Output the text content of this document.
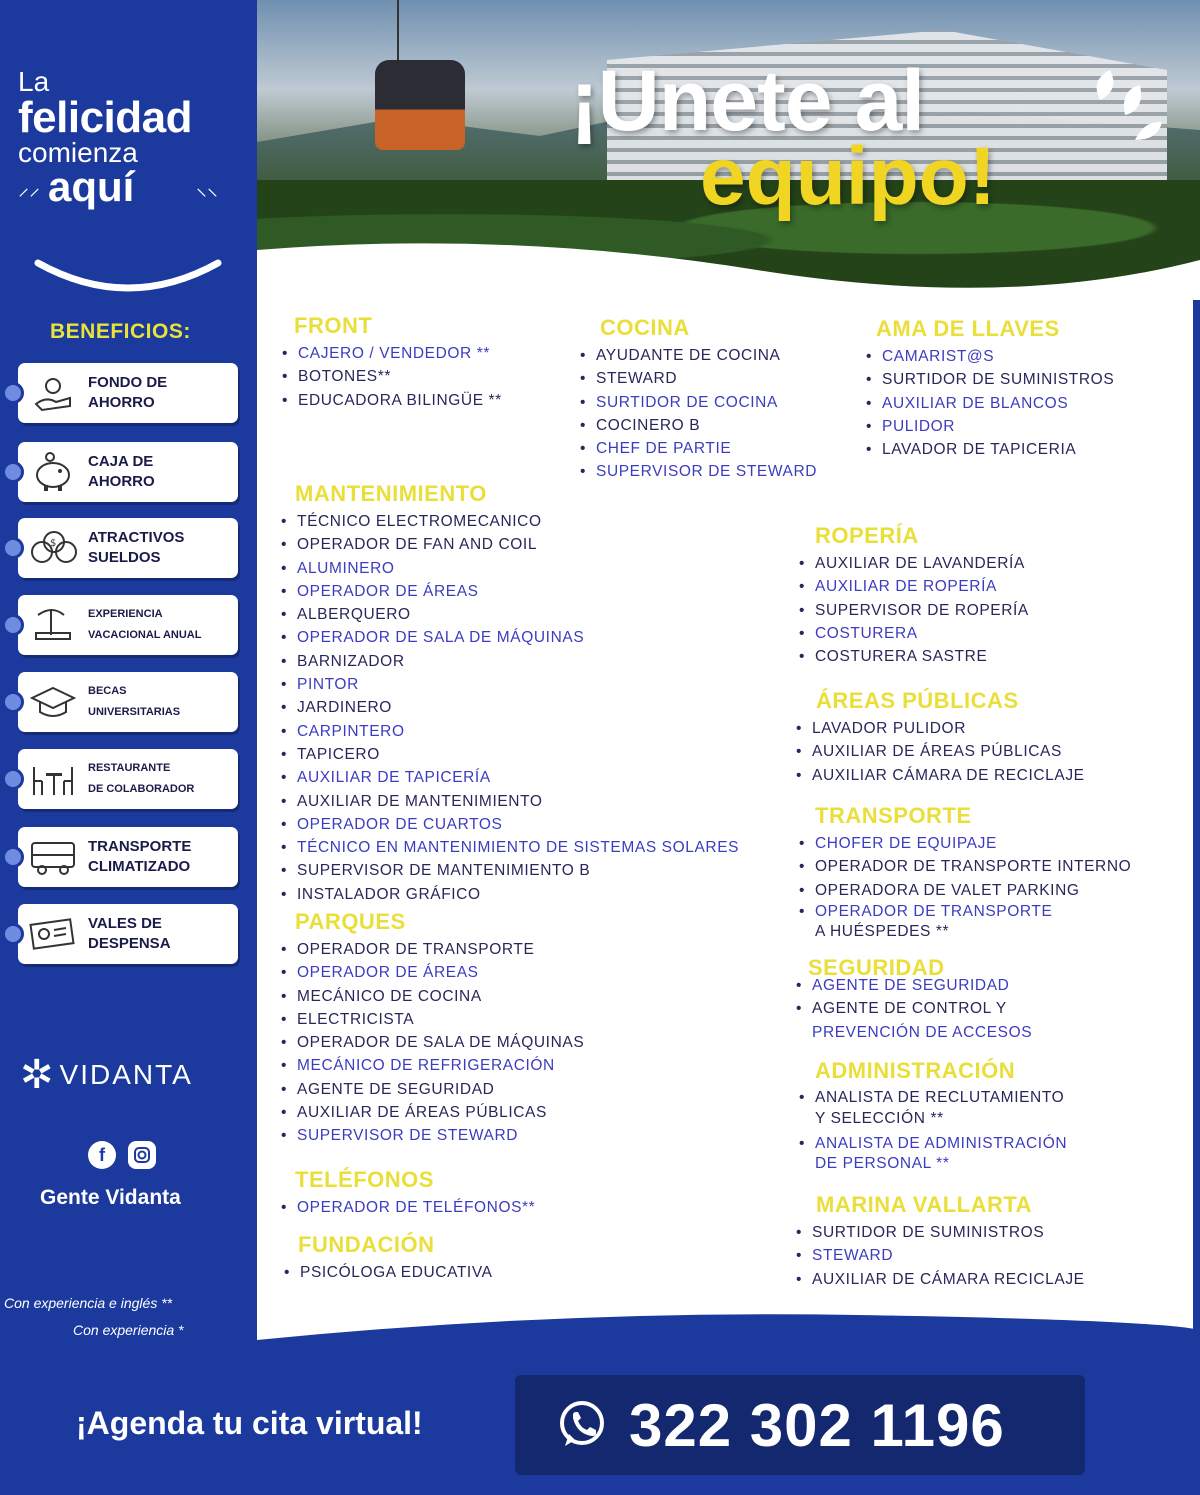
La
felicidad
comienza
⸝⸝ aquí	⸜⸜
BENEFICIOS:
FONDO DE
AHORRO
CAJA DE
AHORRO
$ ATRACTIVOS
SUELDOS
EXPERIENCIA
VACACIONAL ANUAL
BECAS
UNIVERSITARIAS
RESTAURANTE
DE COLABORADOR
TRANSPORTE
CLIMATIZADO
VALES DE
DESPENSA
✲ VIDANTA
f
Gente Vidanta
Con experiencia e inglés **
Con experiencia *
¡Unete al
equipo!
FRONT
• CAJERO / VENDEDOR **
• BOTONES**
• EDUCADORA BILINGÜE **
COCINA
• AYUDANTE DE COCINA
• STEWARD
• SURTIDOR DE COCINA
• COCINERO B
• CHEF DE PARTIE
• SUPERVISOR DE STEWARD
AMA DE LLAVES
• CAMARIST@S
• SURTIDOR DE SUMINISTROS
• AUXILIAR DE BLANCOS
• PULIDOR
• LAVADOR DE TAPICERIA
MANTENIMIENTO
• TÉCNICO ELECTROMECANICO
• OPERADOR DE FAN AND COIL
• ALUMINERO
• OPERADOR DE ÁREAS
• ALBERQUERO
• OPERADOR DE SALA DE MÁQUINAS
• BARNIZADOR
• PINTOR
• JARDINERO
• CARPINTERO
• TAPICERO
• AUXILIAR DE TAPICERÍA
• AUXILIAR DE MANTENIMIENTO
• OPERADOR DE CUARTOS
• TÉCNICO EN MANTENIMIENTO DE SISTEMAS SOLARES
• SUPERVISOR DE MANTENIMIENTO B
• INSTALADOR GRÁFICO
PARQUES
• OPERADOR DE TRANSPORTE
• OPERADOR DE ÁREAS
• MECÁNICO DE COCINA
• ELECTRICISTA
• OPERADOR DE SALA DE MÁQUINAS
• MECÁNICO DE REFRIGERACIÓN
• AGENTE DE SEGURIDAD
• AUXILIAR DE ÁREAS PÚBLICAS
• SUPERVISOR DE STEWARD
TELÉFONOS
• OPERADOR DE TELÉFONOS**
FUNDACIÓN
• PSICÓLOGA EDUCATIVA
ROPERÍA
• AUXILIAR DE LAVANDERÍA
• AUXILIAR DE ROPERÍA
• SUPERVISOR DE ROPERÍA
• COSTURERA
• COSTURERA SASTRE
ÁREAS PÚBLICAS
• LAVADOR PULIDOR
• AUXILIAR DE ÁREAS PÚBLICAS
• AUXILIAR CÁMARA DE RECICLAJE
TRANSPORTE
• CHOFER DE EQUIPAJE
• OPERADOR DE TRANSPORTE INTERNO
• OPERADORA DE VALET PARKING
• OPERADOR DE TRANSPORTE
A HUÉSPEDES **
SEGURIDAD
• AGENTE DE SEGURIDAD
• AGENTE DE CONTROL Y
PREVENCIÓN DE ACCESOS
ADMINISTRACIÓN
• ANALISTA DE RECLUTAMIENTO
Y SELECCIÓN **
• ANALISTA DE ADMINISTRACIÓN
DE PERSONAL **
MARINA VALLARTA
• SURTIDOR DE SUMINISTROS
• STEWARD
• AUXILIAR DE CÁMARA RECICLAJE
¡Agenda tu cita virtual!	322 302 1196
